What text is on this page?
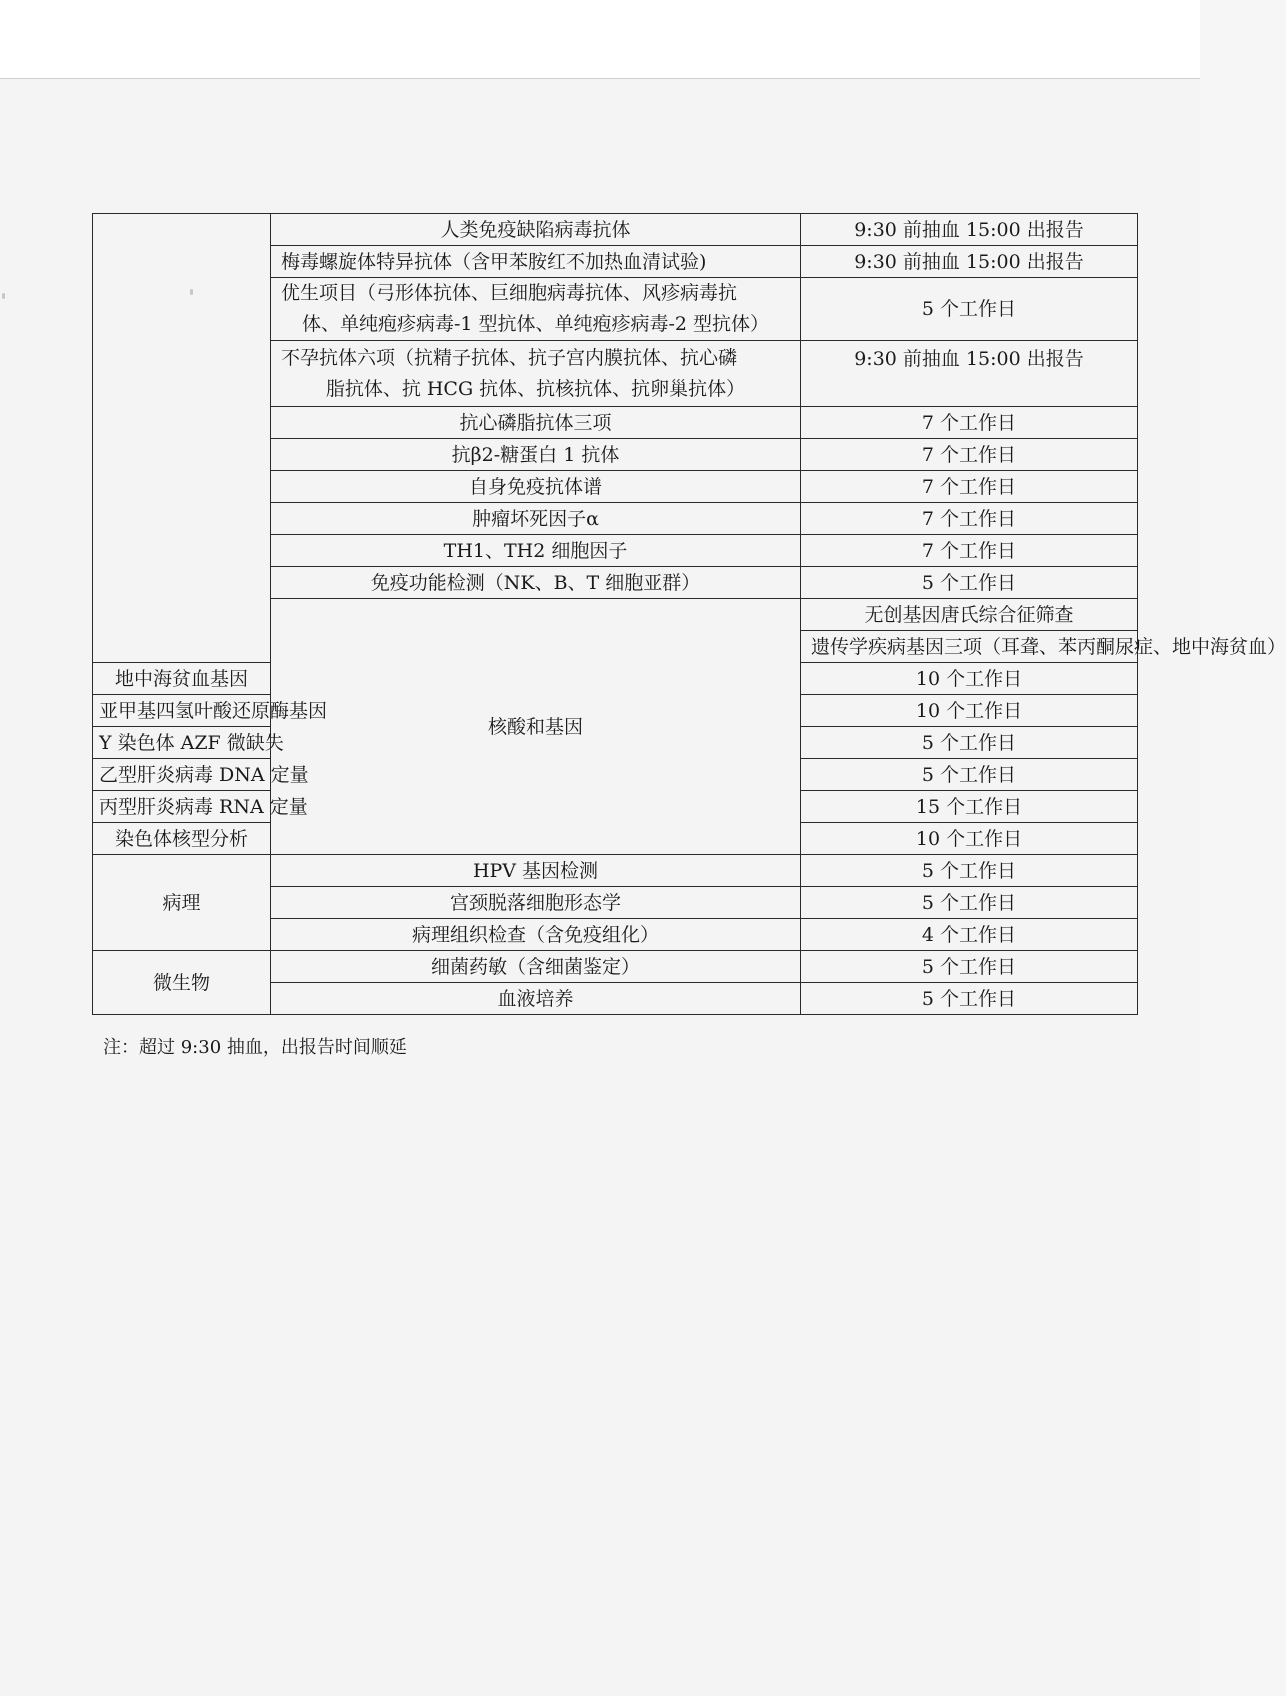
	人类免疫缺陷病毒抗体	9:30 前抽血 15:00 出报告	
	梅毒螺旋体特异抗体（含甲苯胺红不加热血清试验)	9:30 前抽血 15:00 出报告	

	优生项目（弓形体抗体、巨细胞病毒抗体、风疹病毒抗
体、单纯疱疹病毒-1 型抗体、单纯疱疹病毒-2 型抗体）	5 个工作日	

	不孕抗体六项（抗精子抗体、抗子宫内膜抗体、抗心磷
脂抗体、抗 HCG 抗体、抗核抗体、抗卵巢抗体）	9:30 前抽血 15:00 出报告	
	抗心磷脂抗体三项	7 个工作日	
	抗β2-糖蛋白 1 抗体	7 个工作日	
	自身免疫抗体谱	7 个工作日	
	肿瘤坏死因子α	7 个工作日	
	TH1、TH2 细胞因子	7 个工作日	
	免疫功能检测（NK、B、T 细胞亚群）	5 个工作日	
	核酸和基因	无创基因唐氏综合征筛查	
		遗传学疾病基因三项（耳聋、苯丙酮尿症、地中海贫血）	
地中海贫血基因		10 个工作日	
亚甲基四氢叶酸还原酶基因		10 个工作日	
Y 染色体 AZF 微缺失		5 个工作日	
乙型肝炎病毒 DNA 定量		5 个工作日	
丙型肝炎病毒 RNA 定量		15 个工作日	
染色体核型分析		10 个工作日	
病理	HPV 基因检测	5 个工作日	
	宫颈脱落细胞形态学	5 个工作日	
	病理组织检查（含免疫组化）	4 个工作日	
微生物	细菌药敏（含细菌鉴定）	5 个工作日	
	血液培养	5 个工作日	
注：超过 9:30 抽血，出报告时间顺延
